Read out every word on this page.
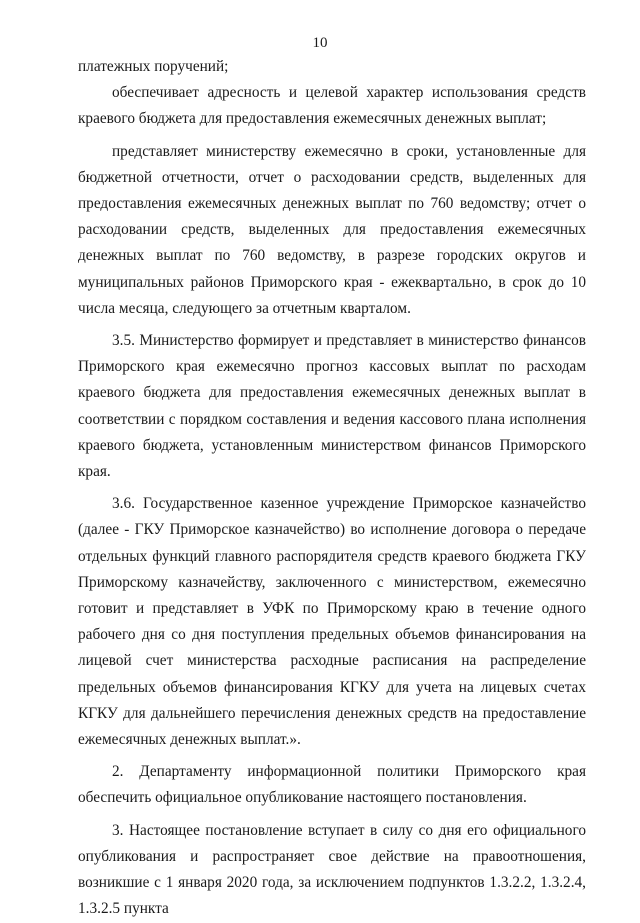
10

платежных поручений;

обеспечивает адресность и целевой характер использования средств краевого бюджета для предоставления ежемесячных денежных выплат;

представляет министерству ежемесячно в сроки, установленные для бюджетной отчетности, отчет о расходовании средств, выделенных для предоставления ежемесячных денежных выплат по 760 ведомству; отчет о расходовании средств, выделенных для предоставления ежемесячных денежных выплат по 760 ведомству, в разрезе городских округов и муниципальных районов Приморского края - ежеквартально, в срок до 10 числа месяца, следующего за отчетным кварталом.

3.5. Министерство формирует и представляет в министерство финансов Приморского края ежемесячно прогноз кассовых выплат по расходам краевого бюджета для предоставления ежемесячных денежных выплат в соответствии с порядком составления и ведения кассового плана исполнения краевого бюджета, установленным министерством финансов Приморского края.

3.6. Государственное казенное учреждение Приморское казначейство (далее - ГКУ Приморское казначейство) во исполнение договора о передаче отдельных функций главного распорядителя средств краевого бюджета ГКУ Приморскому казначейству, заключенного с министерством, ежемесячно готовит и представляет в УФК по Приморскому краю в течение одного рабочего дня со дня поступления предельных объемов финансирования на лицевой счет министерства расходные расписания на распределение предельных объемов финансирования КГКУ для учета на лицевых счетах КГКУ для дальнейшего перечисления денежных средств на предоставление ежемесячных денежных выплат.».

2. Департаменту информационной политики Приморского края обеспечить официальное опубликование настоящего постановления.

3. Настоящее постановление вступает в силу со дня его официального опубликования и распространяет свое действие на правоотношения, возникшие с 1 января 2020 года, за исключением подпунктов 1.3.2.2, 1.3.2.4, 1.3.2.5 пункта
